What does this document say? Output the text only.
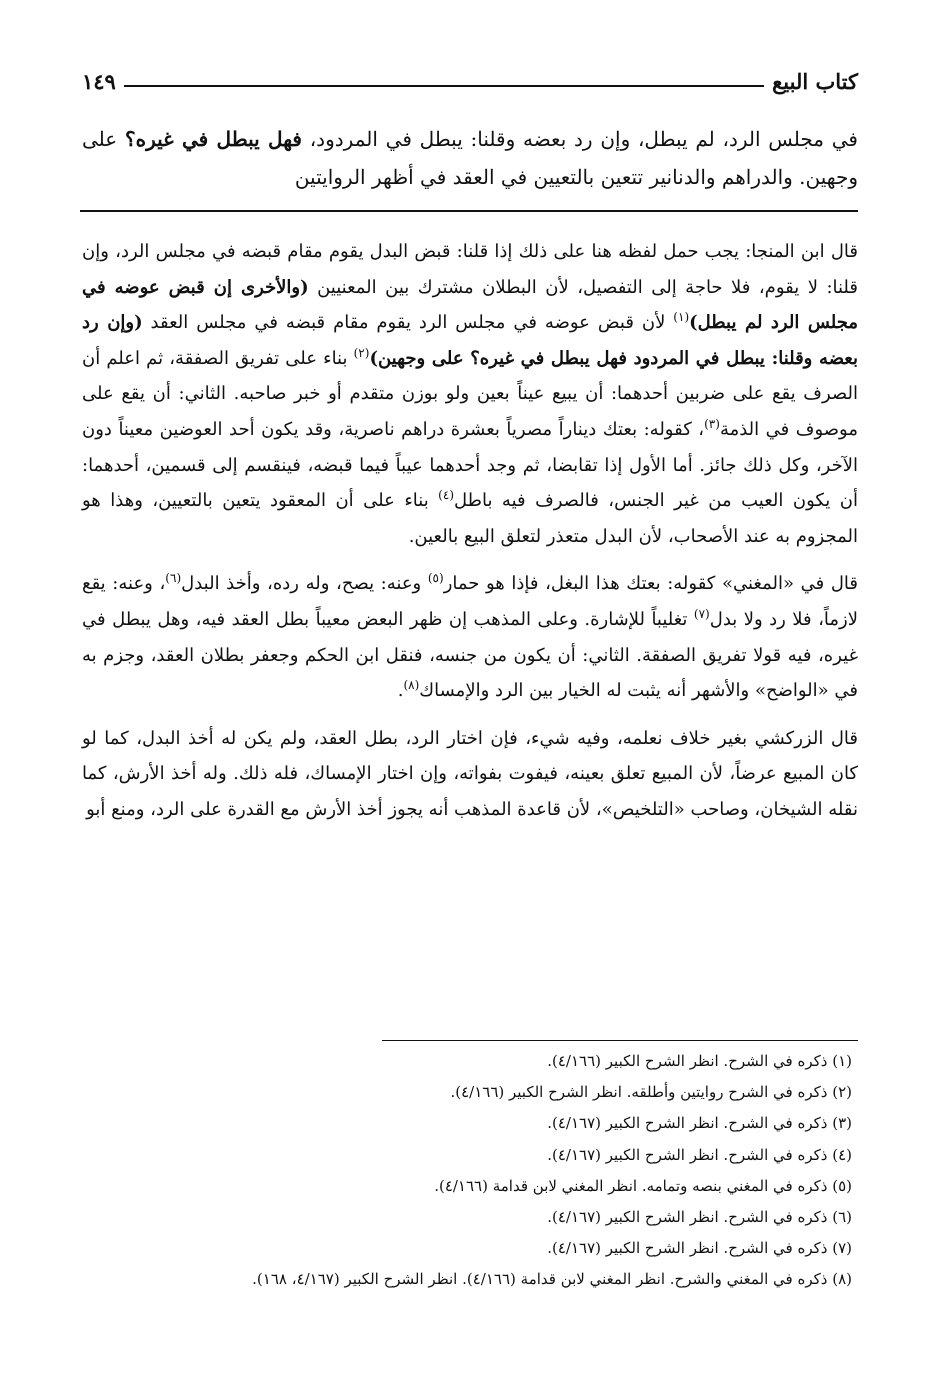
كتاب البيع
١٤٩

في مجلس الرد، لم يبطل، وإن رد بعضه وقلنا: يبطل في المردود، فهل يبطل في غيره؟ على وجهين. والدراهم والدنانير تتعين بالتعيين في العقد في أظهر الروايتين

قال ابن المنجا: يجب حمل لفظه هنا على ذلك إذا قلنا: قبض البدل يقوم مقام قبضه في مجلس الرد، وإن قلنا: لا يقوم، فلا حاجة إلى التفصيل، لأن البطلان مشترك بين المعنيين (والأخرى إن قبض عوضه في مجلس الرد لم يبطل)$^{(١)}$ لأن قبض عوضه في مجلس الرد يقوم مقام قبضه في مجلس العقد (وإن رد بعضه وقلنا: يبطل في المردود فهل يبطل في غيره؟ على وجهين)$^{(٢)}$ بناء على تفريق الصفقة، ثم اعلم أن الصرف يقع على ضربين أحدهما: أن يبيع عيناً بعين ولو بوزن متقدم أو خبر صاحبه. الثاني: أن يقع على موصوف في الذمة$^{(٣)}$، كقوله: بعتك ديناراً مصرياً بعشرة دراهم ناصرية، وقد يكون أحد العوضين معيناً دون الآخر، وكل ذلك جائز. أما الأول إذا تقابضا، ثم وجد أحدهما عيباً فيما قبضه، فينقسم إلى قسمين، أحدهما: أن يكون العيب من غير الجنس، فالصرف فيه باطل$^{(٤)}$ بناء على أن المعقود يتعين بالتعيين، وهذا هو المجزوم به عند الأصحاب، لأن البدل متعذر لتعلق البيع بالعين.

قال في «المغني» كقوله: بعتك هذا البغل، فإذا هو حمار$^{(٥)}$ وعنه: يصح، وله رده، وأخذ البدل$^{(٦)}$، وعنه: يقع لازماً، فلا رد ولا بدل$^{(٧)}$ تغليباً للإشارة. وعلى المذهب إن ظهر البعض معيباً بطل العقد فيه، وهل يبطل في غيره، فيه قولا تفريق الصفقة. الثاني: أن يكون من جنسه، فنقل ابن الحكم وجعفر بطلان العقد، وجزم به في «الواضح» والأشهر أنه يثبت له الخيار بين الرد والإمساك$^{(٨)}$.

قال الزركشي بغير خلاف نعلمه، وفيه شيء، فإن اختار الرد، بطل العقد، ولم يكن له أخذ البدل، كما لو كان المبيع عرضاً، لأن المبيع تعلق بعينه، فيفوت بفواته، وإن اختار الإمساك، فله ذلك. وله أخذ الأرش، كما نقله الشيخان، وصاحب «التلخيص»، لأن قاعدة المذهب أنه يجوز أخذ الأرش مع القدرة على الرد، ومنع أبو

(١) ذكره في الشرح. انظر الشرح الكبير (٤/١٦٦).
(٢) ذكره في الشرح روايتين وأطلقه. انظر الشرح الكبير (٤/١٦٦).
(٣) ذكره في الشرح. انظر الشرح الكبير (٤/١٦٧).
(٤) ذكره في الشرح. انظر الشرح الكبير (٤/١٦٧).
(٥) ذكره في المغني بنصه وتمامه. انظر المغني لابن قدامة (٤/١٦٦).
(٦) ذكره في الشرح. انظر الشرح الكبير (٤/١٦٧).
(٧) ذكره في الشرح. انظر الشرح الكبير (٤/١٦٧).
(٨) ذكره في المغني والشرح. انظر المغني لابن قدامة (٤/١٦٦). انظر الشرح الكبير (٤/١٦٧، ١٦٨).
